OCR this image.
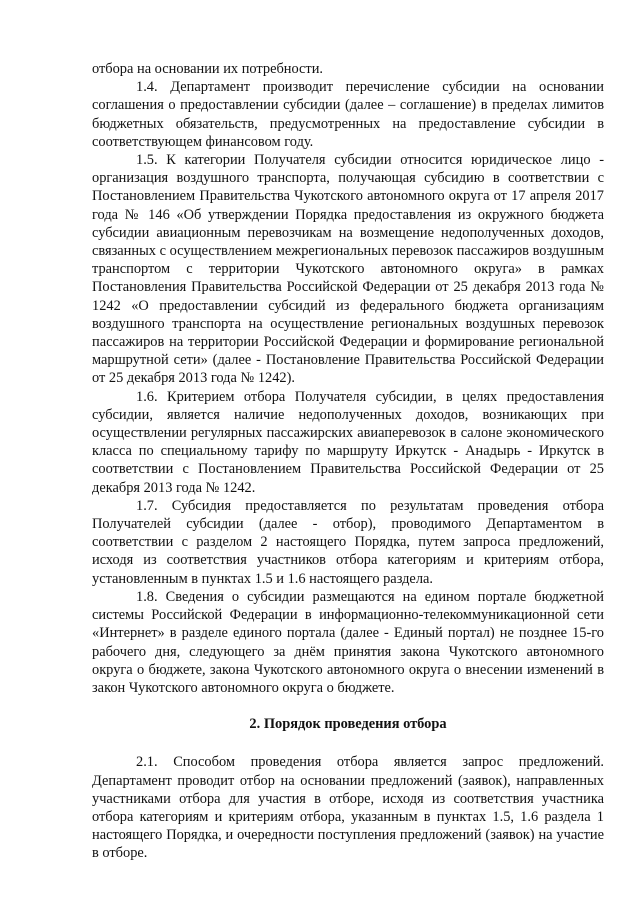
отбора на основании их потребности.

1.4. Департамент производит перечисление субсидии на основании соглашения о предоставлении субсидии (далее – соглашение) в пределах лимитов бюджетных обязательств, предусмотренных на предоставление субсидии в соответствующем финансовом году.

1.5. К категории Получателя субсидии относится юридическое лицо - организация воздушного транспорта, получающая субсидию в соответствии с Постановлением Правительства Чукотского автономного округа от 17 апреля 2017 года № 146 «Об утверждении Порядка предоставления из окружного бюджета субсидии авиационным перевозчикам на возмещение недополученных доходов, связанных с осуществлением межрегиональных перевозок пассажиров воздушным транспортом с территории Чукотского автономного округа» в рамках Постановления Правительства Российской Федерации от 25 декабря 2013 года № 1242 «О предоставлении субсидий из федерального бюджета организациям воздушного транспорта на осуществление региональных воздушных перевозок пассажиров на территории Российской Федерации и формирование региональной маршрутной сети» (далее - Постановление Правительства Российской Федерации от 25 декабря 2013 года № 1242).

1.6. Критерием отбора Получателя субсидии, в целях предоставления субсидии, является наличие недополученных доходов, возникающих при осуществлении регулярных пассажирских авиаперевозок в салоне экономического класса по специальному тарифу по маршруту Иркутск - Анадырь - Иркутск в соответствии с Постановлением Правительства Российской Федерации от 25 декабря 2013 года № 1242.

1.7. Субсидия предоставляется по результатам проведения отбора Получателей субсидии (далее - отбор), проводимого Департаментом в соответствии с разделом 2 настоящего Порядка, путем запроса предложений, исходя из соответствия участников отбора категориям и критериям отбора, установленным в пунктах 1.5 и 1.6 настоящего раздела.

1.8. Сведения о субсидии размещаются на едином портале бюджетной системы Российской Федерации в информационно-телекоммуникационной сети «Интернет» в разделе единого портала (далее - Единый портал) не позднее 15-го рабочего дня, следующего за днём принятия закона Чукотского автономного округа о бюджете, закона Чукотского автономного округа о внесении изменений в закон Чукотского автономного округа о бюджете.

2. Порядок проведения отбора

2.1. Способом проведения отбора является запрос предложений. Департамент проводит отбор на основании предложений (заявок), направленных участниками отбора для участия в отборе, исходя из соответствия участника отбора категориям и критериям отбора, указанным в пунктах 1.5, 1.6 раздела 1 настоящего Порядка, и очередности поступления предложений (заявок) на участие в отборе.
